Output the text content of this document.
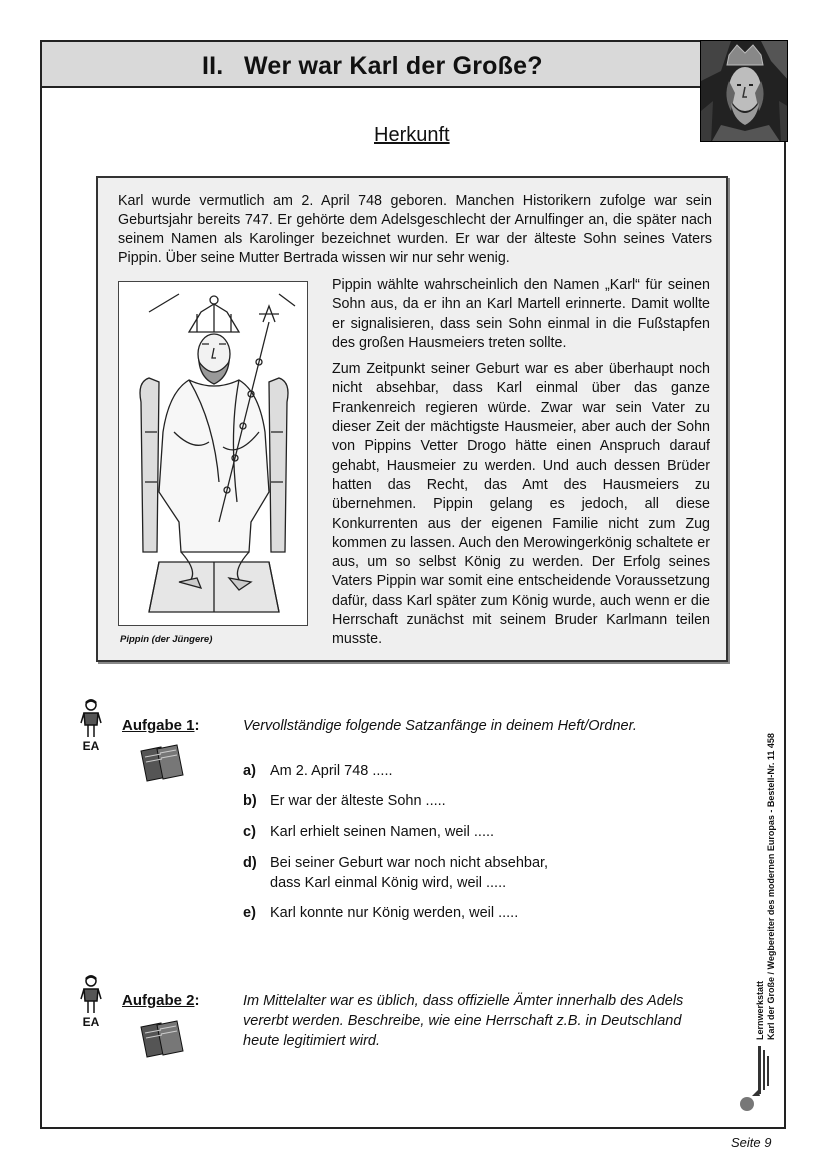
II. Wer war Karl der Große?
Herkunft

Karl wurde vermutlich am 2. April 748 geboren. Manchen Historikern zufolge war sein Geburtsjahr bereits 747. Er gehörte dem Adelsgeschlecht der Arnulfinger an, die später nach seinem Namen als Karolinger bezeichnet wurden. Er war der älteste Sohn seines Vaters Pippin. Über seine Mutter Bertrada wissen wir nur sehr wenig.

Pippin (der Jüngere)

Pippin wählte wahrscheinlich den Namen „Karl“ für seinen Sohn aus, da er ihn an Karl Martell erinnerte. Damit wollte er signalisieren, dass sein Sohn einmal in die Fußstapfen des großen Hausmeiers treten sollte.

Zum Zeitpunkt seiner Geburt war es aber überhaupt noch nicht absehbar, dass Karl einmal über das ganze Frankenreich regieren würde. Zwar war sein Vater zu dieser Zeit der mächtigste Hausmeier, aber auch der Sohn von Pippins Vetter Drogo hätte einen Anspruch darauf gehabt, Hausmeier zu werden. Und auch dessen Brüder hatten das Recht, das Amt des Hausmeiers zu übernehmen. Pippin gelang es jedoch, all diese Konkurrenten aus der eigenen Familie nicht zum Zug kommen zu lassen. Auch den Merowingerkönig schaltete er aus, um so selbst König zu werden. Der Erfolg seines Vaters Pippin war somit eine entscheidende Voraussetzung dafür, dass Karl später zum König wurde, auch wenn er die Herrschaft zunächst mit seinem Bruder Karlmann teilen musste.

EA
Aufgabe 1:	Vervollständige folgende Satzanfänge in deinem Heft/Ordner.
a) Am 2. April 748 .....
b) Er war der älteste Sohn .....
c) Karl erhielt seinen Namen, weil .....
d) Bei seiner Geburt war noch nicht absehbar,
dass Karl einmal König wird, weil .....
e) Karl konnte nur König werden, weil .....
EA
Aufgabe 2:	Im Mittelalter war es üblich, dass offizielle Ämter innerhalb des Adels vererbt werden. Beschreibe, wie eine Herrschaft z.B. in Deutschland heute legitimiert wird.
Lernwerkstatt Karl der Große / Wegbereiter des modernen Europas - Bestell-Nr. 11 458
Seite 9
